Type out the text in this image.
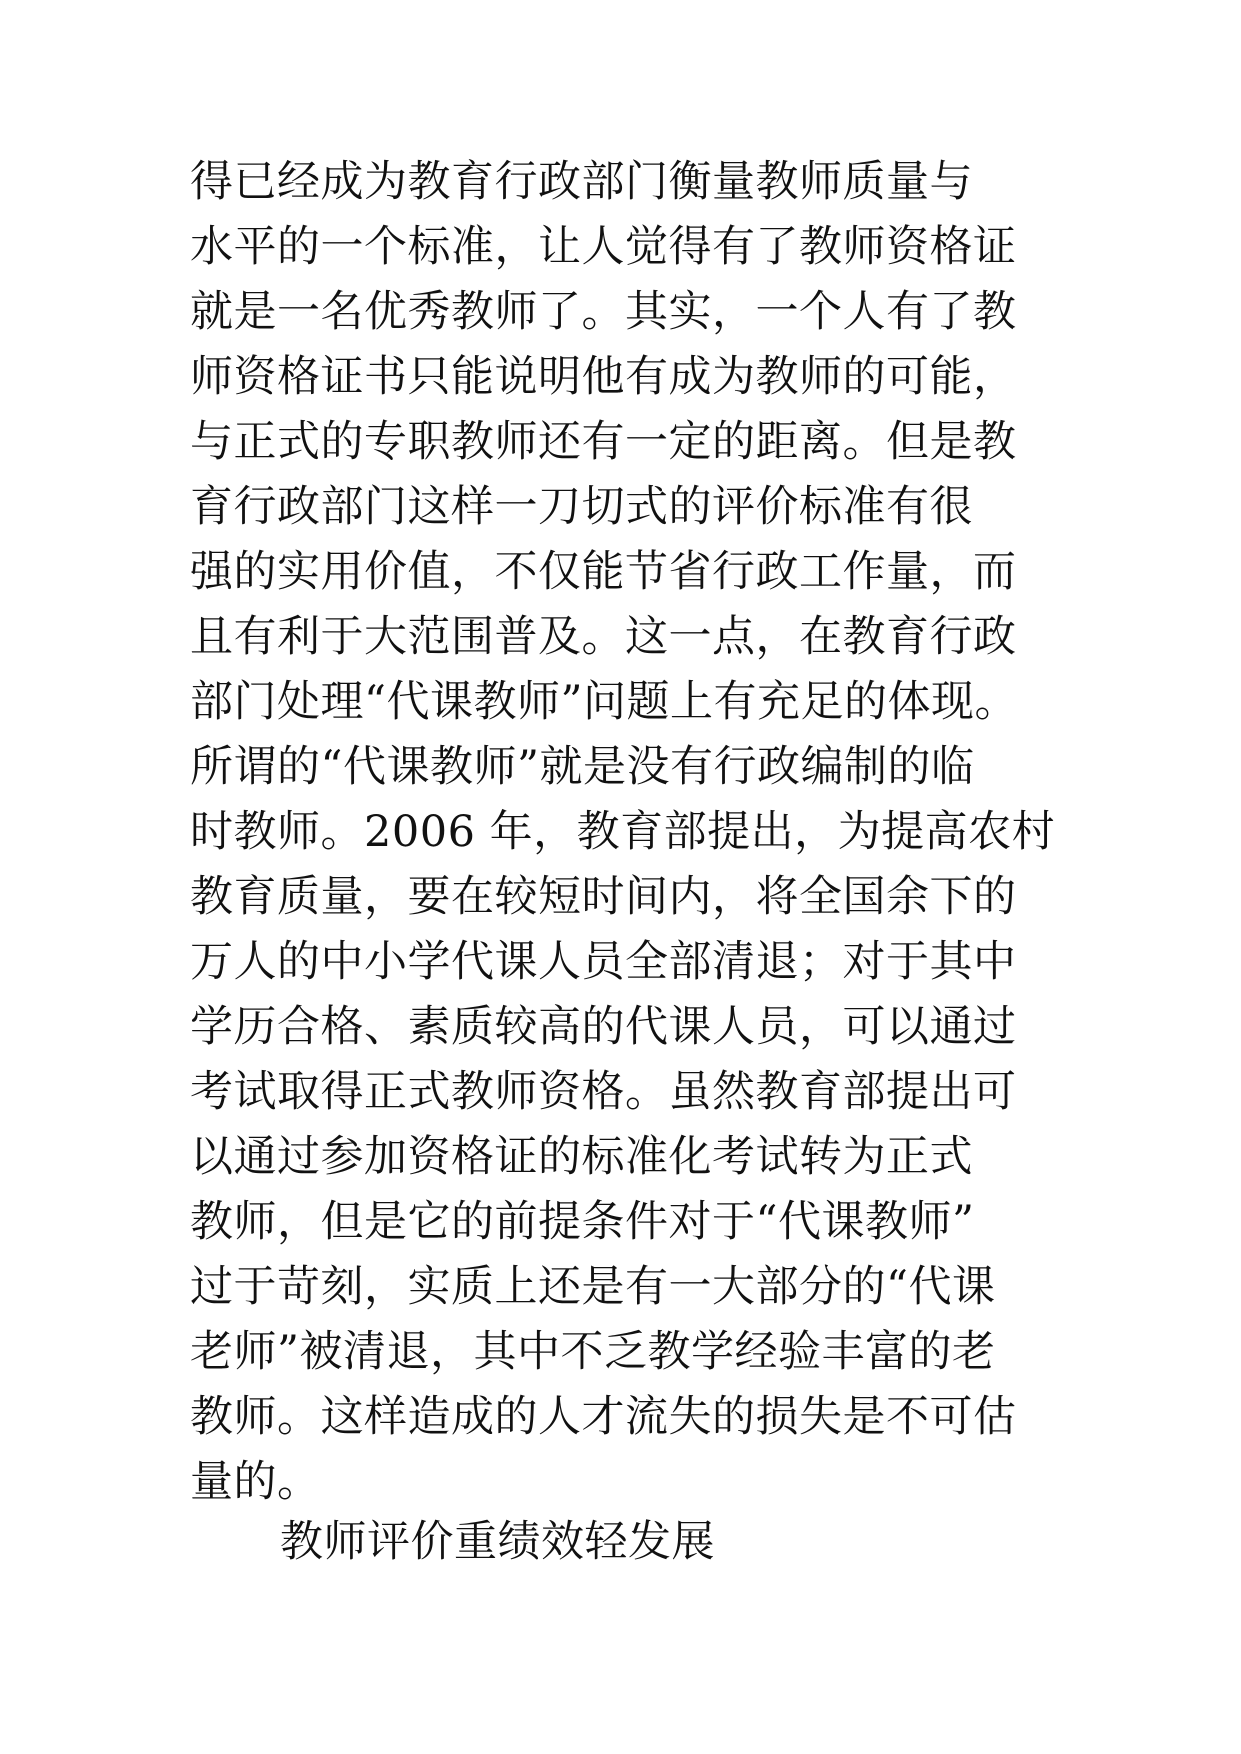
得已经成为教育行政部门衡量教师质量与
水平的一个标准，让人觉得有了教师资格证
就是一名优秀教师了。其实，一个人有了教
师资格证书只能说明他有成为教师的可能，
与正式的专职教师还有一定的距离。但是教
育行政部门这样一刀切式的评价标准有很
强的实用价值，不仅能节省行政工作量，而
且有利于大范围普及。这一点，在教育行政
部门处理“代课教师”问题上有充足的体现。
所谓的“代课教师”就是没有行政编制的临
时教师。2006 年，教育部提出，为提高农村
教育质量，要在较短时间内，将全国余下的
万人的中小学代课人员全部清退；对于其中
学历合格、素质较高的代课人员，可以通过
考试取得正式教师资格。虽然教育部提出可
以通过参加资格证的标准化考试转为正式
教师，但是它的前提条件对于“代课教师”
过于苛刻，实质上还是有一大部分的“代课
老师”被清退，其中不乏教学经验丰富的老
教师。这样造成的人才流失的损失是不可估
量的。
教师评价重绩效轻发展
